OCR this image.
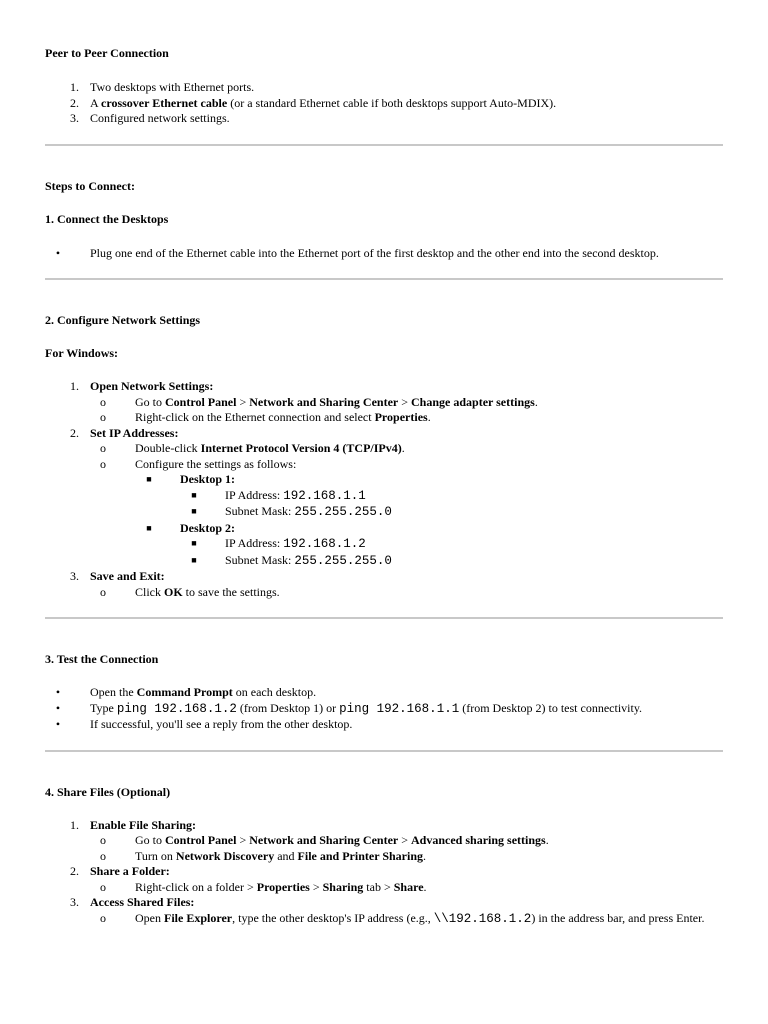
Peer to Peer Connection
1. Two desktops with Ethernet ports.
2. A crossover Ethernet cable (or a standard Ethernet cable if both desktops support Auto-MDIX).
3. Configured network settings.
Steps to Connect:
1. Connect the Desktops
•	Plug one end of the Ethernet cable into the Ethernet port of the first desktop and the other end into the second desktop.
2. Configure Network Settings
For Windows:
1. Open Network Settings:
o	Go to Control Panel > Network and Sharing Center > Change adapter settings.
o	Right-click on the Ethernet connection and select Properties.
2. Set IP Addresses:
o	Double-click Internet Protocol Version 4 (TCP/IPv4).
o	Configure the settings as follows:
■	Desktop 1:
■	IP Address: 192.168.1.1
■	Subnet Mask: 255.255.255.0
■	Desktop 2:
■	IP Address: 192.168.1.2
■	Subnet Mask: 255.255.255.0
3. Save and Exit:
o	Click OK to save the settings.
3. Test the Connection
•	Open the Command Prompt on each desktop.
•	Type ping 192.168.1.2 (from Desktop 1) or ping 192.168.1.1 (from Desktop 2) to test connectivity.
•	If successful, you'll see a reply from the other desktop.
4. Share Files (Optional)
1. Enable File Sharing:
o	Go to Control Panel > Network and Sharing Center > Advanced sharing settings.
o	Turn on Network Discovery and File and Printer Sharing.
2. Share a Folder:
o	Right-click on a folder > Properties > Sharing tab > Share.
3. Access Shared Files:
o	Open File Explorer, type the other desktop's IP address (e.g., \\192.168.1.2) in the address bar, and press Enter.
